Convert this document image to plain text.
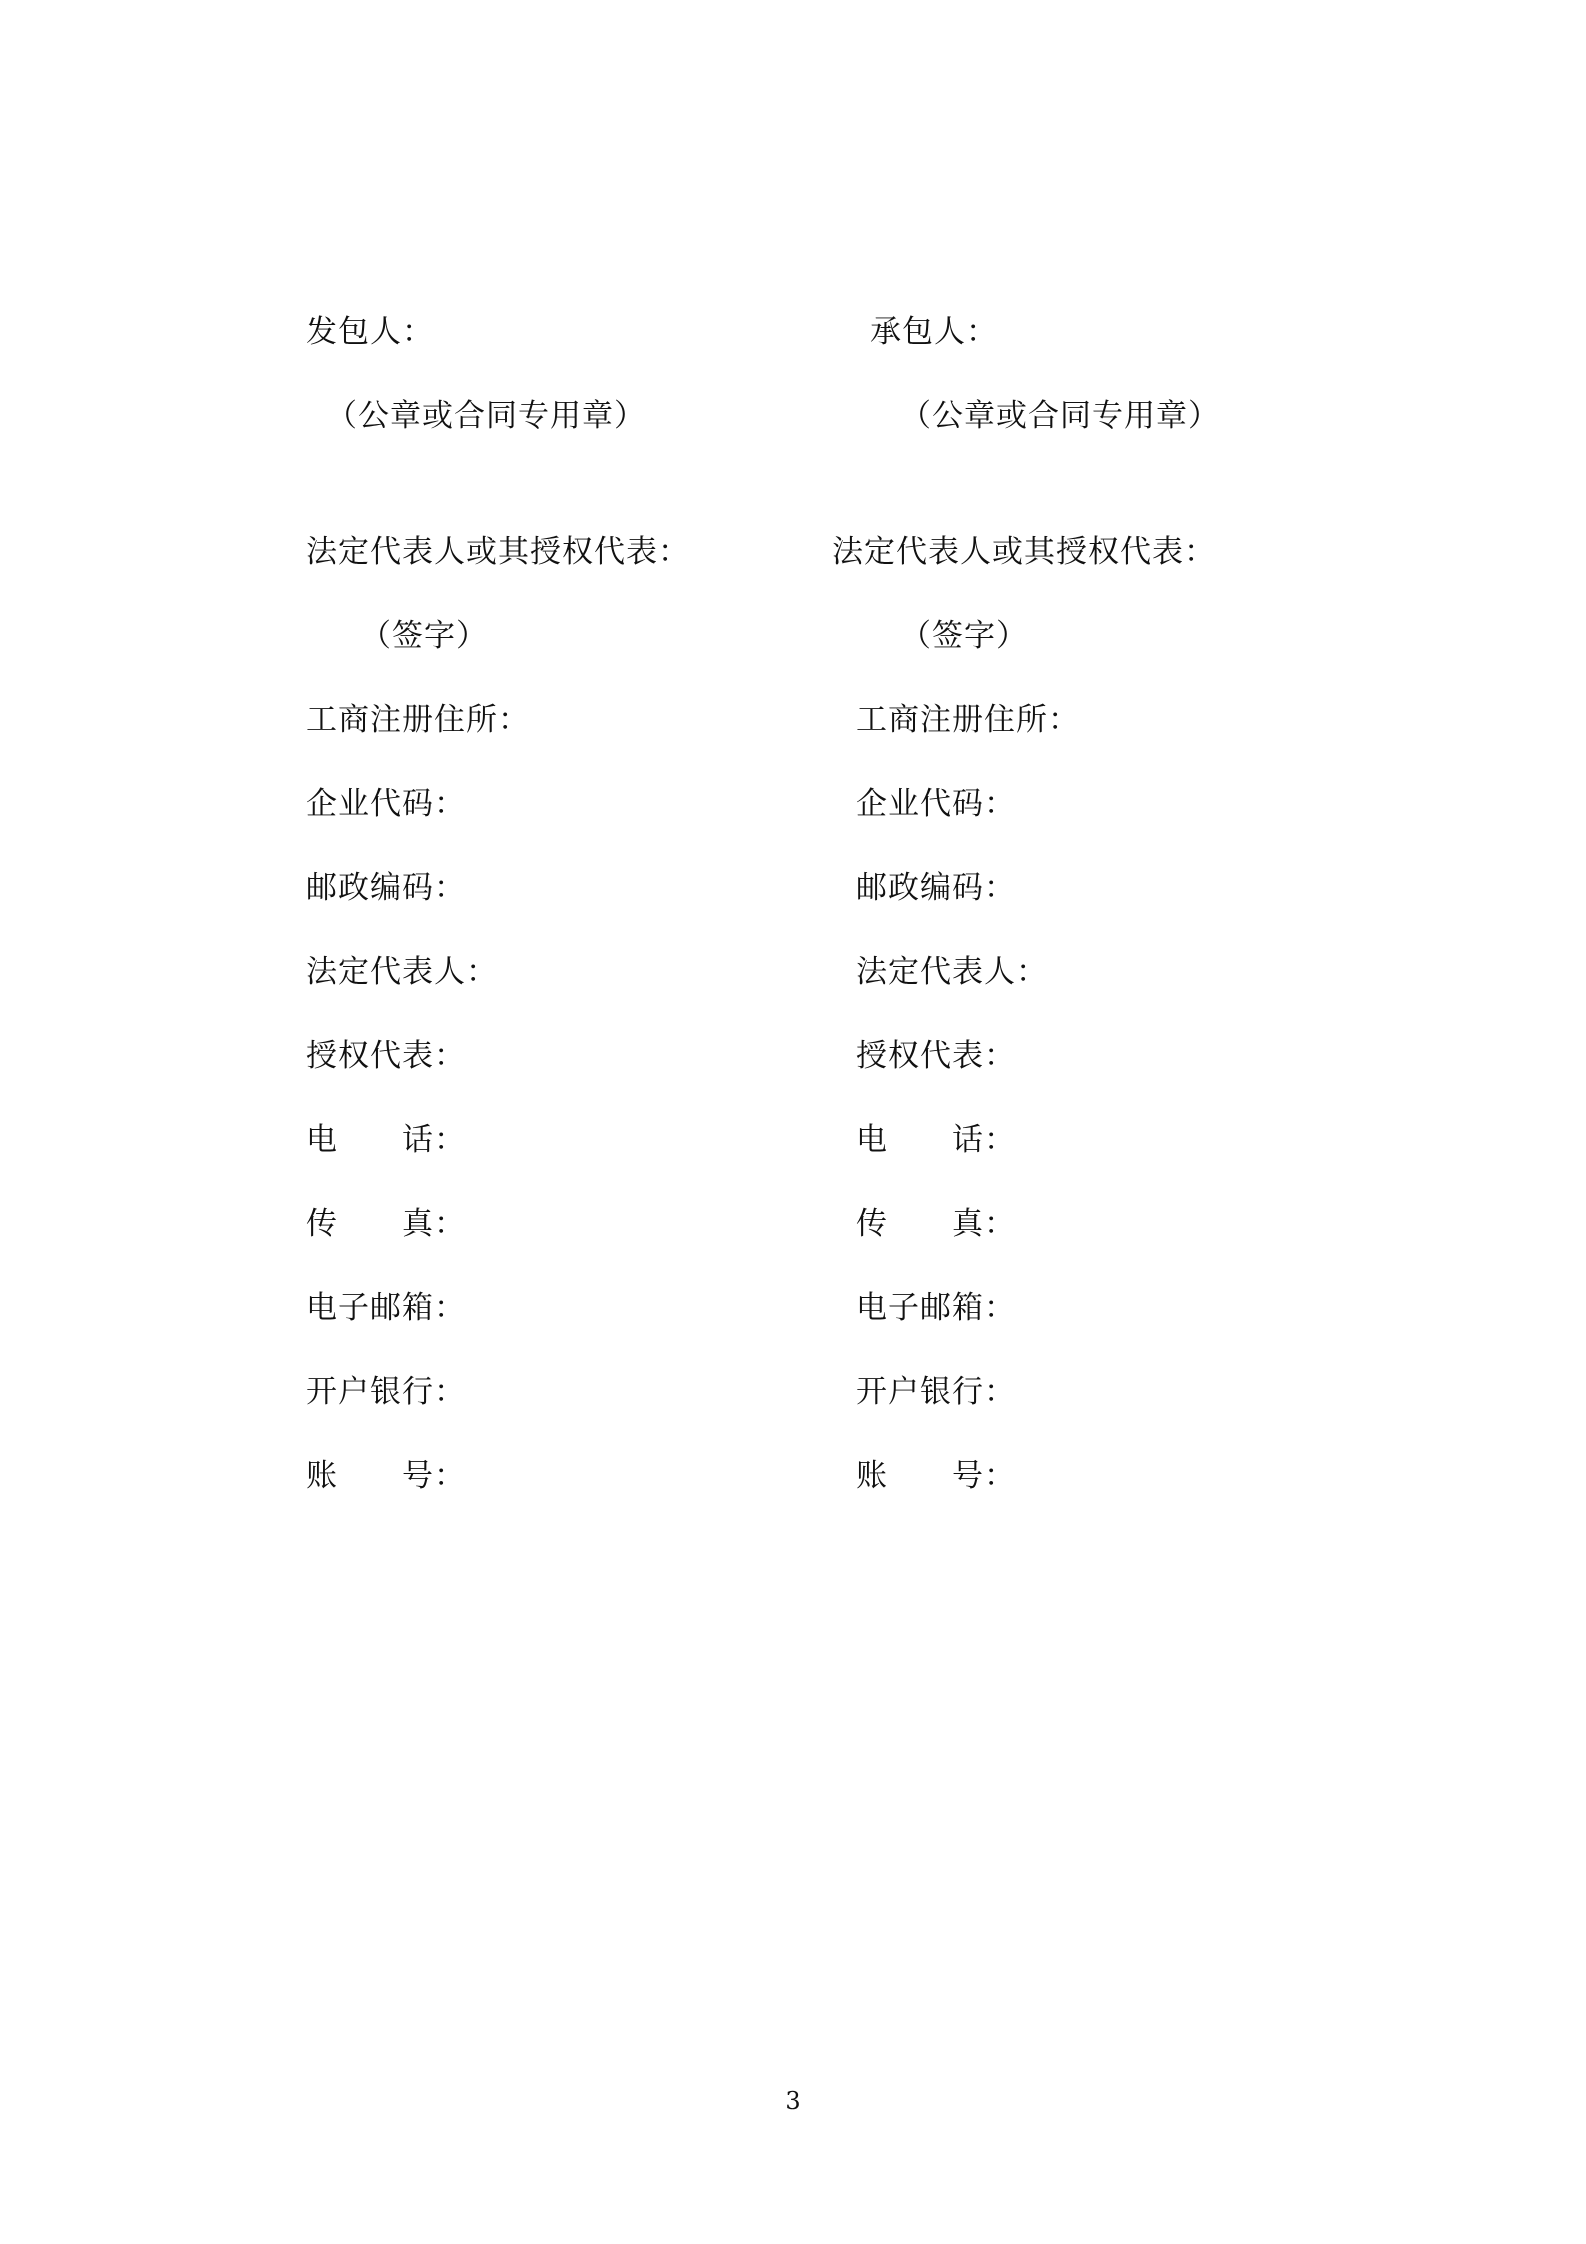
发包人：
（公章或合同专用章）
法定代表人或其授权代表：
（签字）
工商注册住所：
企业代码：
邮政编码：
法定代表人：
授权代表：
电　　话：
传　　真：
电子邮箱：
开户银行：
账　　号：
承包人：
（公章或合同专用章）
法定代表人或其授权代表：
（签字）
工商注册住所：
企业代码：
邮政编码：
法定代表人：
授权代表：
电　　话：
传　　真：
电子邮箱：
开户银行：
账　　号：
3
